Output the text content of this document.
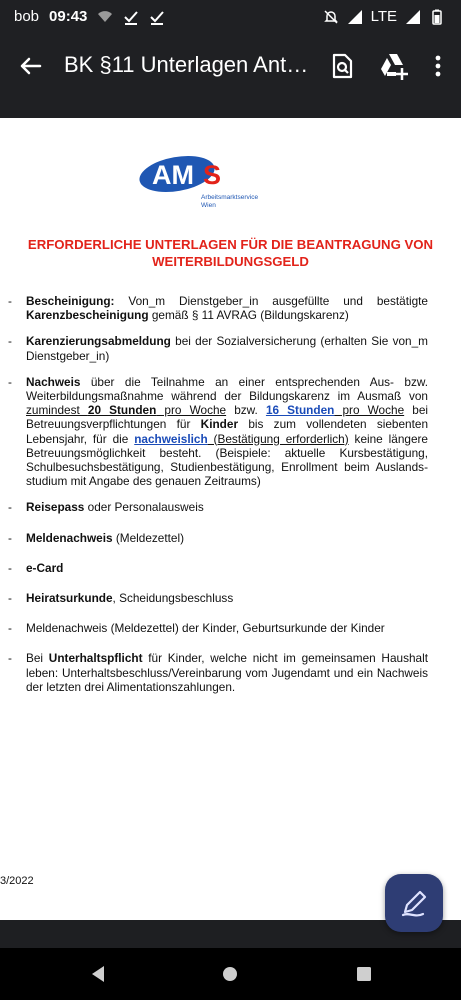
bob 09:43	LTE
BK §11 Unterlagen Ant…
AM S
Arbeitsmarktservice
Wien
ERFORDERLICHE UNTERLAGEN FÜR DIE BEANTRAGUNG VON
WEITERBILDUNGSGELD
- Bescheinigung: Von_m Dienstgeber_in ausgefüllte und bestätigte Karenzbescheinigung gemäß § 11 AVRAG (Bildungskarenz)
- Karenzierungsabmeldung bei der Sozialversicherung (erhalten Sie von_m Dienstgeber_in)
- Nachweis über die Teilnahme an einer entsprechenden Aus- bzw. Weiterbildungsmaßnahme während der Bildungskarenz im Ausmaß von zumindest 20 Stunden pro Woche bzw. 16 Stunden pro Woche bei Betreuungsverpflichtungen für Kinder bis zum vollendeten siebenten Lebensjahr, für die nachweislich (Bestätigung erforderlich) keine längere Betreuungsmöglichkeit besteht. (Beispiele: aktuelle Kursbestätigung, Schulbesuchsbestätigung, Studienbestätigung, Enrollment beim Auslands-studium mit Angabe des genauen Zeitraums)
- Reisepass oder Personalausweis
- Meldenachweis (Meldezettel)
- e-Card
- Heiratsurkunde, Scheidungsbeschluss
- Meldenachweis (Meldezettel) der Kinder, Geburtsurkunde der Kinder
- Bei Unterhaltspflicht für Kinder, welche nicht im gemeinsamen Haushalt leben: Unterhaltsbeschluss/Vereinbarung vom Jugendamt und ein Nachweis der letzten drei Alimentationszahlungen.
3/2022
